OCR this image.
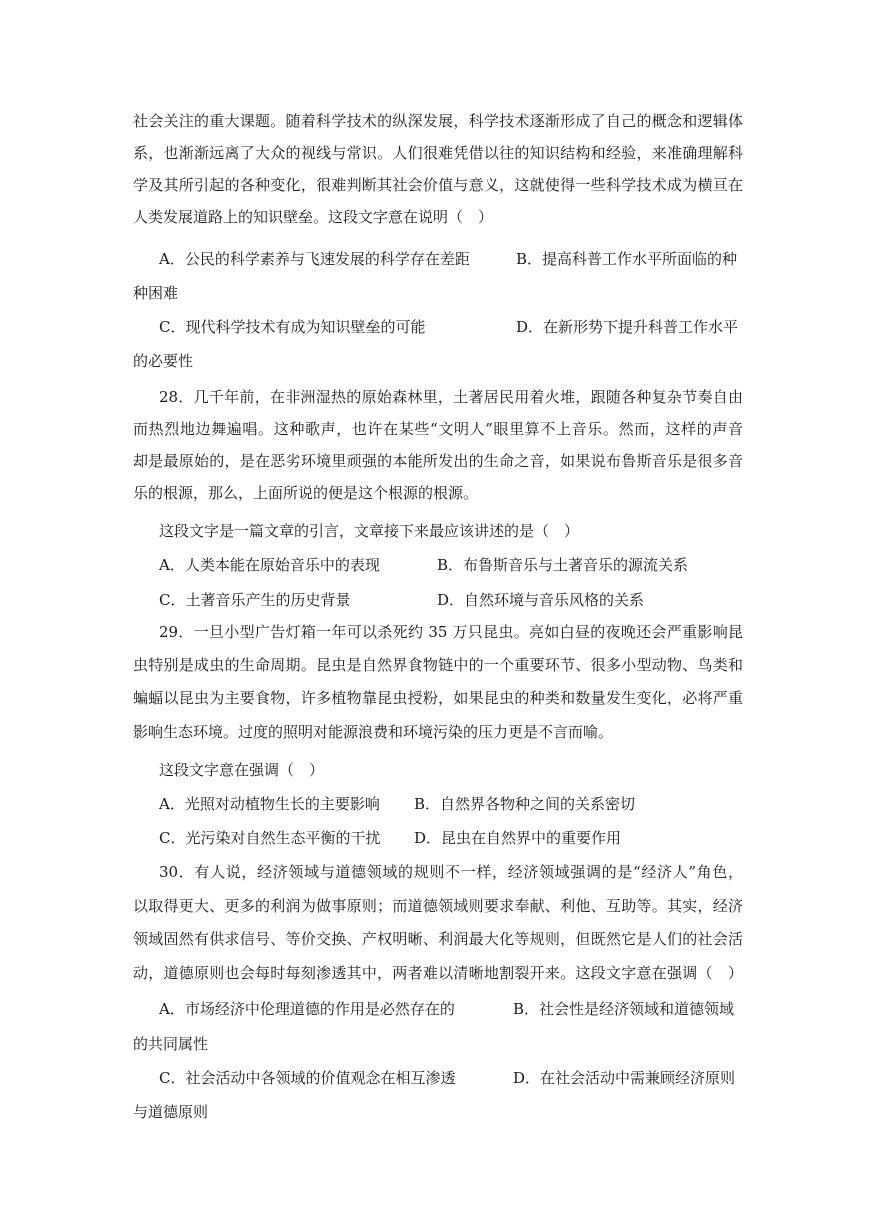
社会关注的重大课题。随着科学技术的纵深发展，科学技术逐渐形成了自己的概念和逻辑体
系，也渐渐远离了大众的视线与常识。人们很难凭借以往的知识结构和经验，来准确理解科
学及其所引起的各种变化，很难判断其社会价值与意义，这就使得一些科学技术成为横亘在
人类发展道路上的知识壁垒。这段文字意在说明（　）
A．公民的科学素养与飞速发展的科学存在差距	B．提高科普工作水平所面临的种
种困难
C．现代科学技术有成为知识壁垒的可能	D．在新形势下提升科普工作水平
的必要性
28．几千年前，在非洲湿热的原始森林里，土著居民用着火堆，跟随各种复杂节奏自由
而热烈地边舞遍唱。这种歌声，也许在某些“文明人”眼里算不上音乐。然而，这样的声音
却是最原始的，是在恶劣环境里顽强的本能所发出的生命之音，如果说布鲁斯音乐是很多音
乐的根源，那么，上面所说的便是这个根源的根源。
这段文字是一篇文章的引言，文章接下来最应该讲述的是（　）
A．人类本能在原始音乐中的表现	B．布鲁斯音乐与土著音乐的源流关系
C．土著音乐产生的历史背景	D．自然环境与音乐风格的关系
29．一旦小型广告灯箱一年可以杀死约 35 万只昆虫。亮如白昼的夜晚还会严重影响昆
虫特别是成虫的生命周期。昆虫是自然界食物链中的一个重要环节、很多小型动物、鸟类和
蝙蝠以昆虫为主要食物，许多植物靠昆虫授粉，如果昆虫的种类和数量发生变化，必将严重
影响生态环境。过度的照明对能源浪费和环境污染的压力更是不言而喻。
这段文字意在强调（　）
A．光照对动植物生长的主要影响 B．自然界各物种之间的关系密切
C．光污染对自然生态平衡的干扰 D．昆虫在自然界中的重要作用
30．有人说，经济领域与道德领域的规则不一样，经济领域强调的是“经济人”角色，
以取得更大、更多的利润为做事原则；而道德领域则要求奉献、利他、互助等。其实，经济
领域固然有供求信号、等价交换、产权明晰、利润最大化等规则，但既然它是人们的社会活
动，道德原则也会每时每刻渗透其中，两者难以清晰地割裂开来。这段文字意在强调（　）
A．市场经济中伦理道德的作用是必然存在的	B．社会性是经济领域和道德领域
的共同属性
C．社会活动中各领域的价值观念在相互渗透	D．在社会活动中需兼顾经济原则
与道德原则
